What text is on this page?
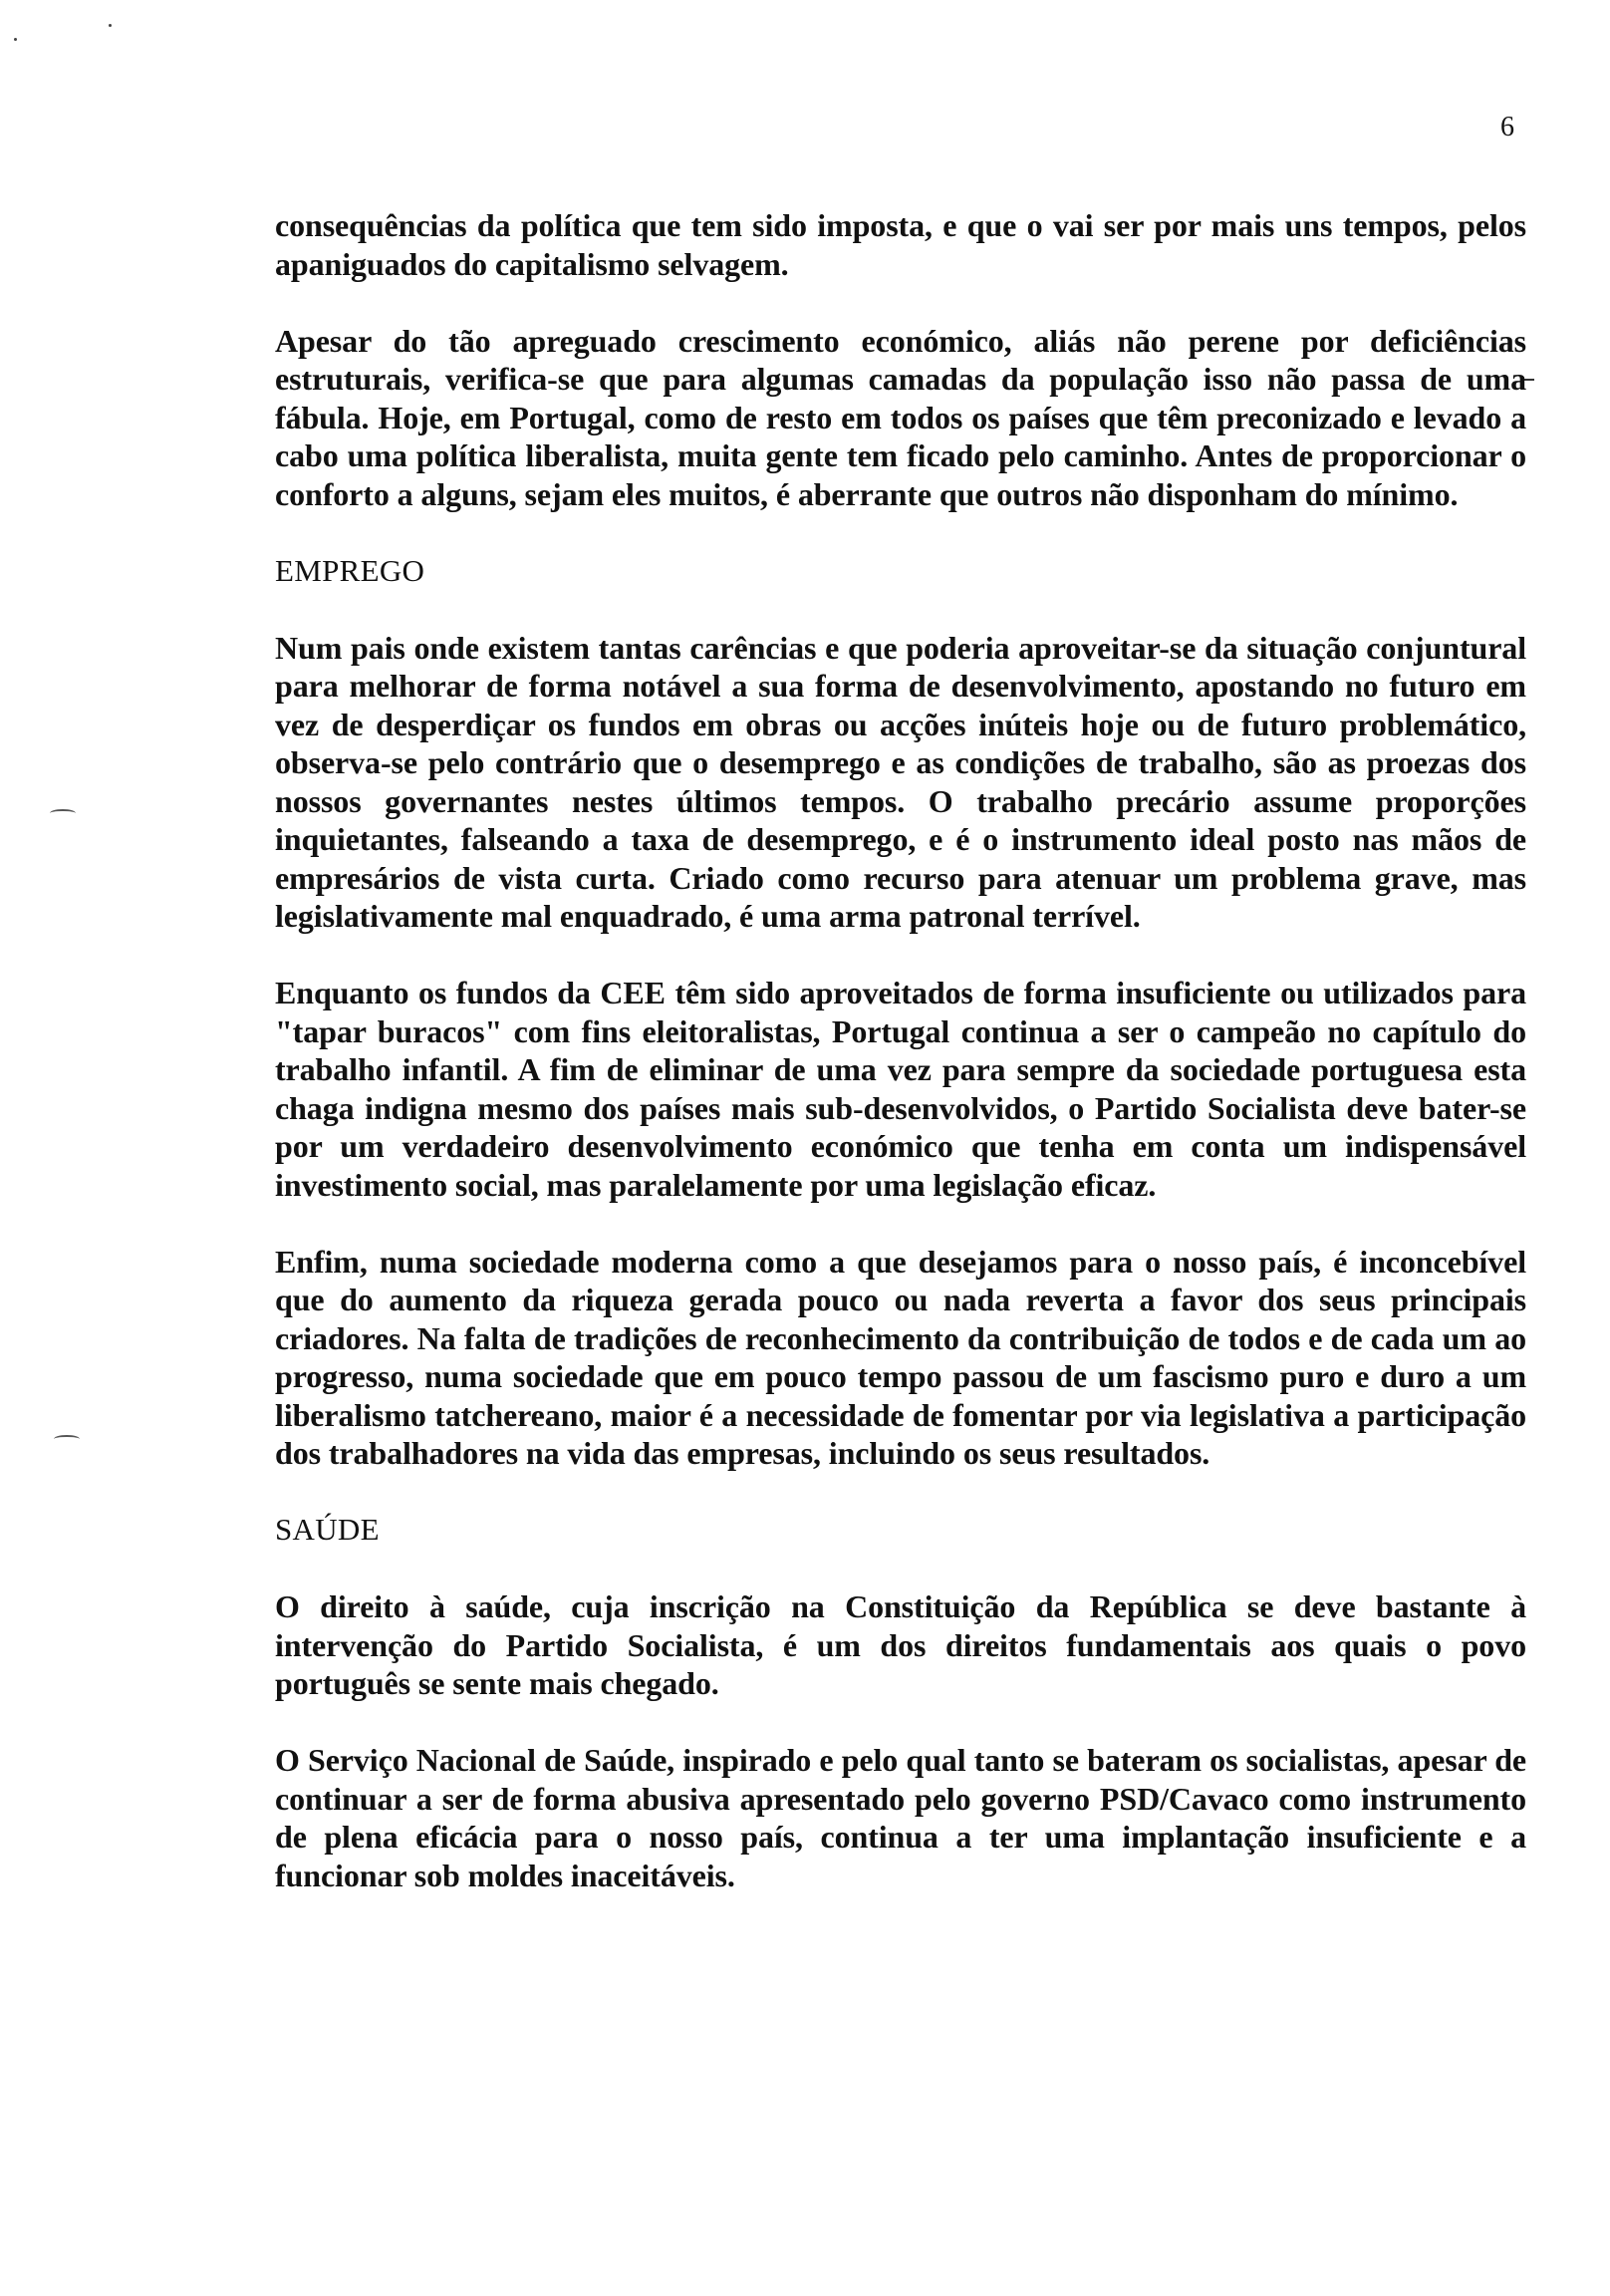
6

consequências da política que tem sido imposta, e que o vai ser por mais uns tempos, pelos apaniguados do capitalismo selvagem.

Apesar do tão apreguado crescimento económico, aliás não perene por deficiências estruturais, verifica-se que para algumas camadas da população isso não passa de uma fábula. Hoje, em Portugal, como de resto em todos os países que têm preconizado e levado a cabo uma política liberalista, muita gente tem ficado pelo caminho. Antes de proporcionar o conforto a alguns, sejam eles muitos, é aberrante que outros não disponham do mínimo.

EMPREGO

Num pais onde existem tantas carências e que poderia aproveitar-se da situação conjuntural para melhorar de forma notável a sua forma de desenvolvimento, apostando no futuro em vez de desperdiçar os fundos em obras ou acções inúteis hoje ou de futuro problemático, observa-se pelo contrário que o desemprego e as condições de trabalho, são as proezas dos nossos governantes nestes últimos tempos. O trabalho precário assume proporções inquietantes, falseando a taxa de desemprego, e é o instrumento ideal posto nas mãos de empresários de vista curta. Criado como recurso para atenuar um problema grave, mas legislativamente mal enquadrado, é uma arma patronal terrível.

Enquanto os fundos da CEE têm sido aproveitados de forma insuficiente ou utilizados para "tapar buracos" com fins eleitoralistas, Portugal continua a ser o campeão no capítulo do trabalho infantil. A fim de eliminar de uma vez para sempre da sociedade portuguesa esta chaga indigna mesmo dos países mais sub-desenvolvidos, o Partido Socialista deve bater-se por um verdadeiro desenvolvimento económico que tenha em conta um indispensável investimento social, mas paralelamente por uma legislação eficaz.

Enfim, numa sociedade moderna como a que desejamos para o nosso país, é inconcebível que do aumento da riqueza gerada pouco ou nada reverta a favor dos seus principais criadores. Na falta de tradições de reconhecimento da contribuição de todos e de cada um ao progresso, numa sociedade que em pouco tempo passou de um fascismo puro e duro a um liberalismo tatchereano, maior é a necessidade de fomentar por via legislativa a participação dos trabalhadores na vida das empresas, incluindo os seus resultados.

SAÚDE

O direito à saúde, cuja inscrição na Constituição da República se deve bastante à intervenção do Partido Socialista, é um dos direitos fundamentais aos quais o povo português se sente mais chegado.

O Serviço Nacional de Saúde, inspirado e pelo qual tanto se bateram os socialistas, apesar de continuar a ser de forma abusiva apresentado pelo governo PSD/Cavaco como instrumento de plena eficácia para o nosso país, continua a ter uma implantação insuficiente e a funcionar sob moldes inaceitáveis.
